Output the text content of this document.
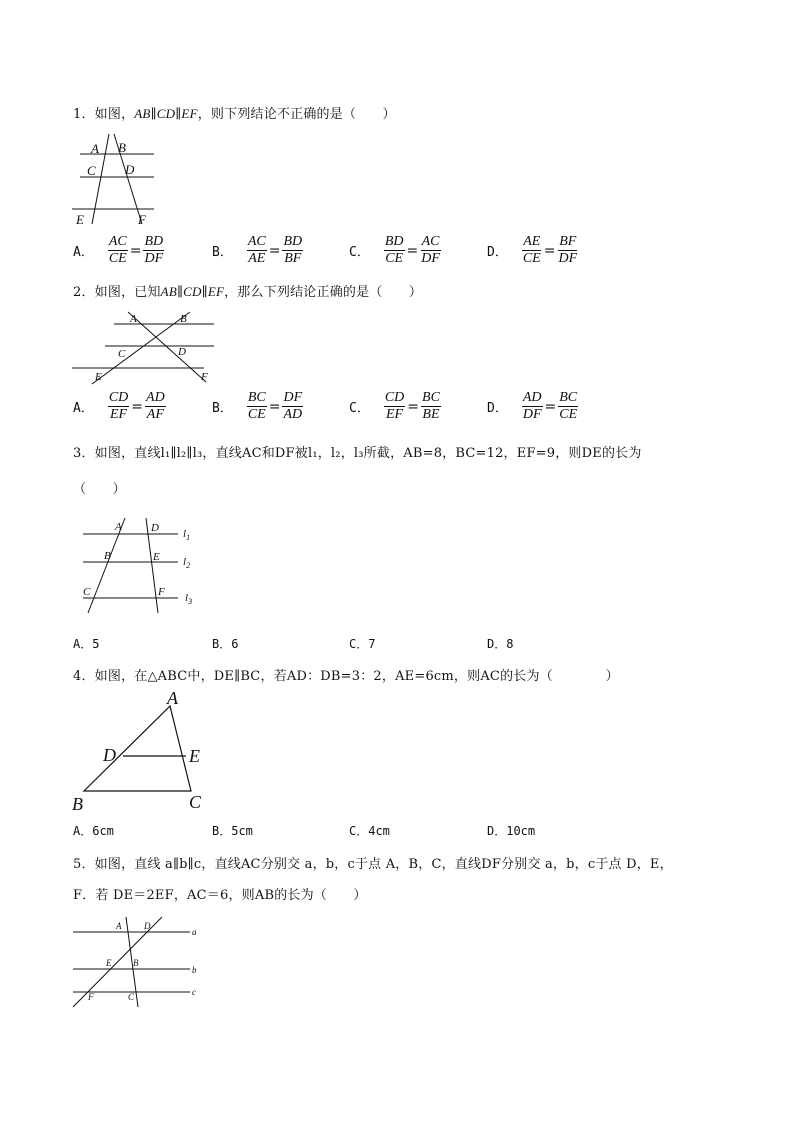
1．如图，AB∥CD∥EF，则下列结论不正确的是（　　）
A B
C D
E	F
A． $\frac{AC}{CE} = \frac{BD}{DF}$	B． $\frac{AC}{AE} = \frac{BD}{BF}$	C． $\frac{BD}{CE} = \frac{AC}{DF}$	D． $\frac{AE}{CE} = \frac{BF}{DF}$
2．如图，已知AB∥CD∥EF，那么下列结论正确的是（　　）
A	B
C	D
E	F
A． $\frac{CD}{EF} = \frac{AD}{AF}$	B． $\frac{BC}{CE} = \frac{DF}{AD}$	C． $\frac{CD}{EF} = \frac{BC}{BE}$	D． $\frac{AD}{DF} = \frac{BC}{CE}$
3．如图，直线l₁∥l₂∥l₃，直线AC和DF被l₁，l₂，l₃所截，AB=8，BC=12，EF=9，则DE的长为
（　　）
A	D
B	E
C	F
$l_1$
$l_2$
$l_3$
A．5	B．6	C．7	D．8
4．如图，在△ABC中，DE∥BC，若AD：DB=3：2，AE=6cm，则AC的长为（　　　　）
A
D	E
B	C
A．6cm	B．5cm	C．4cm	D．10cm
5．如图，直线 a∥b∥c，直线AC分别交 a，b，c于点 A，B，C，直线DF分别交 a，b，c于点 D，E，
F．若 DE＝2EF，AC＝6，则AB的长为（　　）
A	D
E B
F	C
a
b
c
